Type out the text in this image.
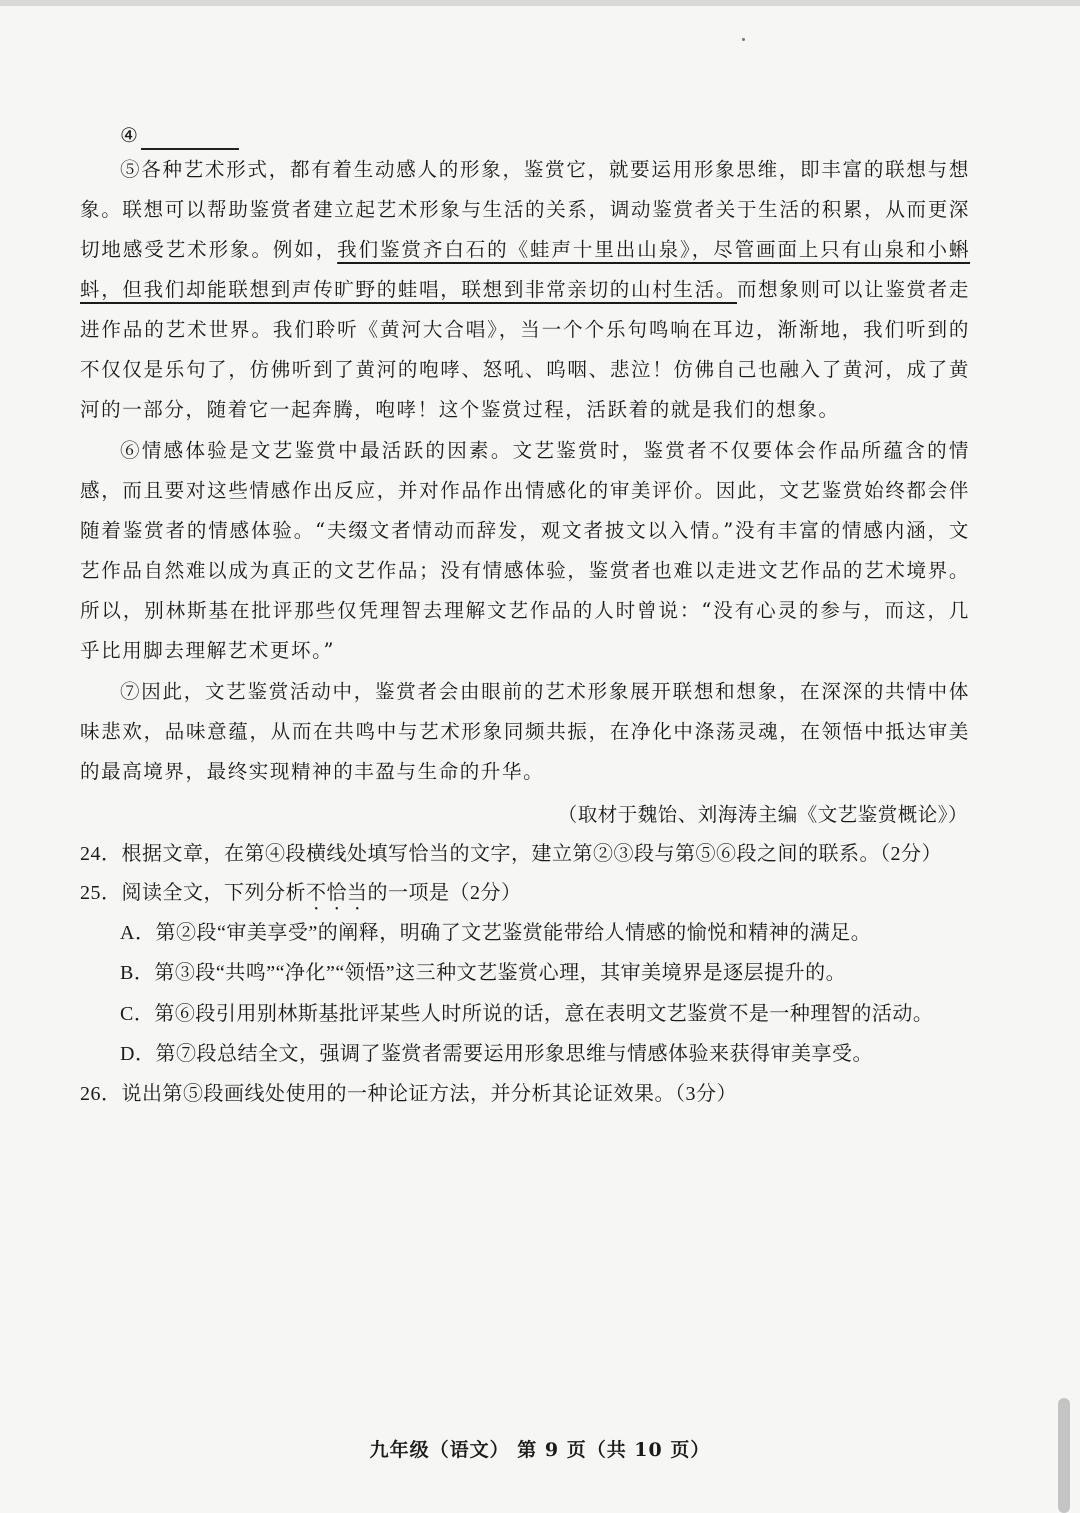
④

⑤各种艺术形式，都有着生动感人的形象，鉴赏它，就要运用形象思维，即丰富的联想与想象。联想可以帮助鉴赏者建立起艺术形象与生活的关系，调动鉴赏者关于生活的积累，从而更深切地感受艺术形象。例如，我们鉴赏齐白石的《蛙声十里出山泉》，尽管画面上只有山泉和小蝌蚪，但我们却能联想到声传旷野的蛙唱，联想到非常亲切的山村生活。而想象则可以让鉴赏者走进作品的艺术世界。我们聆听《黄河大合唱》，当一个个乐句鸣响在耳边，渐渐地，我们听到的不仅仅是乐句了，仿佛听到了黄河的咆哮、怒吼、呜咽、悲泣！仿佛自己也融入了黄河，成了黄河的一部分，随着它一起奔腾，咆哮！这个鉴赏过程，活跃着的就是我们的想象。

⑥情感体验是文艺鉴赏中最活跃的因素。文艺鉴赏时，鉴赏者不仅要体会作品所蕴含的情感，而且要对这些情感作出反应，并对作品作出情感化的审美评价。因此，文艺鉴赏始终都会伴随着鉴赏者的情感体验。“夫缀文者情动而辞发，观文者披文以入情。”没有丰富的情感内涵，文艺作品自然难以成为真正的文艺作品；没有情感体验，鉴赏者也难以走进文艺作品的艺术境界。所以，别林斯基在批评那些仅凭理智去理解文艺作品的人时曾说：“没有心灵的参与，而这，几乎比用脚去理解艺术更坏。”

⑦因此，文艺鉴赏活动中，鉴赏者会由眼前的艺术形象展开联想和想象，在深深的共情中体味悲欢，品味意蕴，从而在共鸣中与艺术形象同频共振，在净化中涤荡灵魂，在领悟中抵达审美的最高境界，最终实现精神的丰盈与生命的升华。

（取材于魏饴、刘海涛主编《文艺鉴赏概论》）
24．根据文章，在第④段横线处填写恰当的文字，建立第②③段与第⑤⑥段之间的联系。（2分）
25．阅读全文，下列分析不恰当的一项是（2分）
A．第②段“审美享受”的阐释，明确了文艺鉴赏能带给人情感的愉悦和精神的满足。
B．第③段“共鸣”“净化”“领悟”这三种文艺鉴赏心理，其审美境界是逐层提升的。
C．第⑥段引用别林斯基批评某些人时所说的话，意在表明文艺鉴赏不是一种理智的活动。
D．第⑦段总结全文，强调了鉴赏者需要运用形象思维与情感体验来获得审美享受。
26．说出第⑤段画线处使用的一种论证方法，并分析其论证效果。（3分）
九年级（语文） 第 9 页（共 10 页）
